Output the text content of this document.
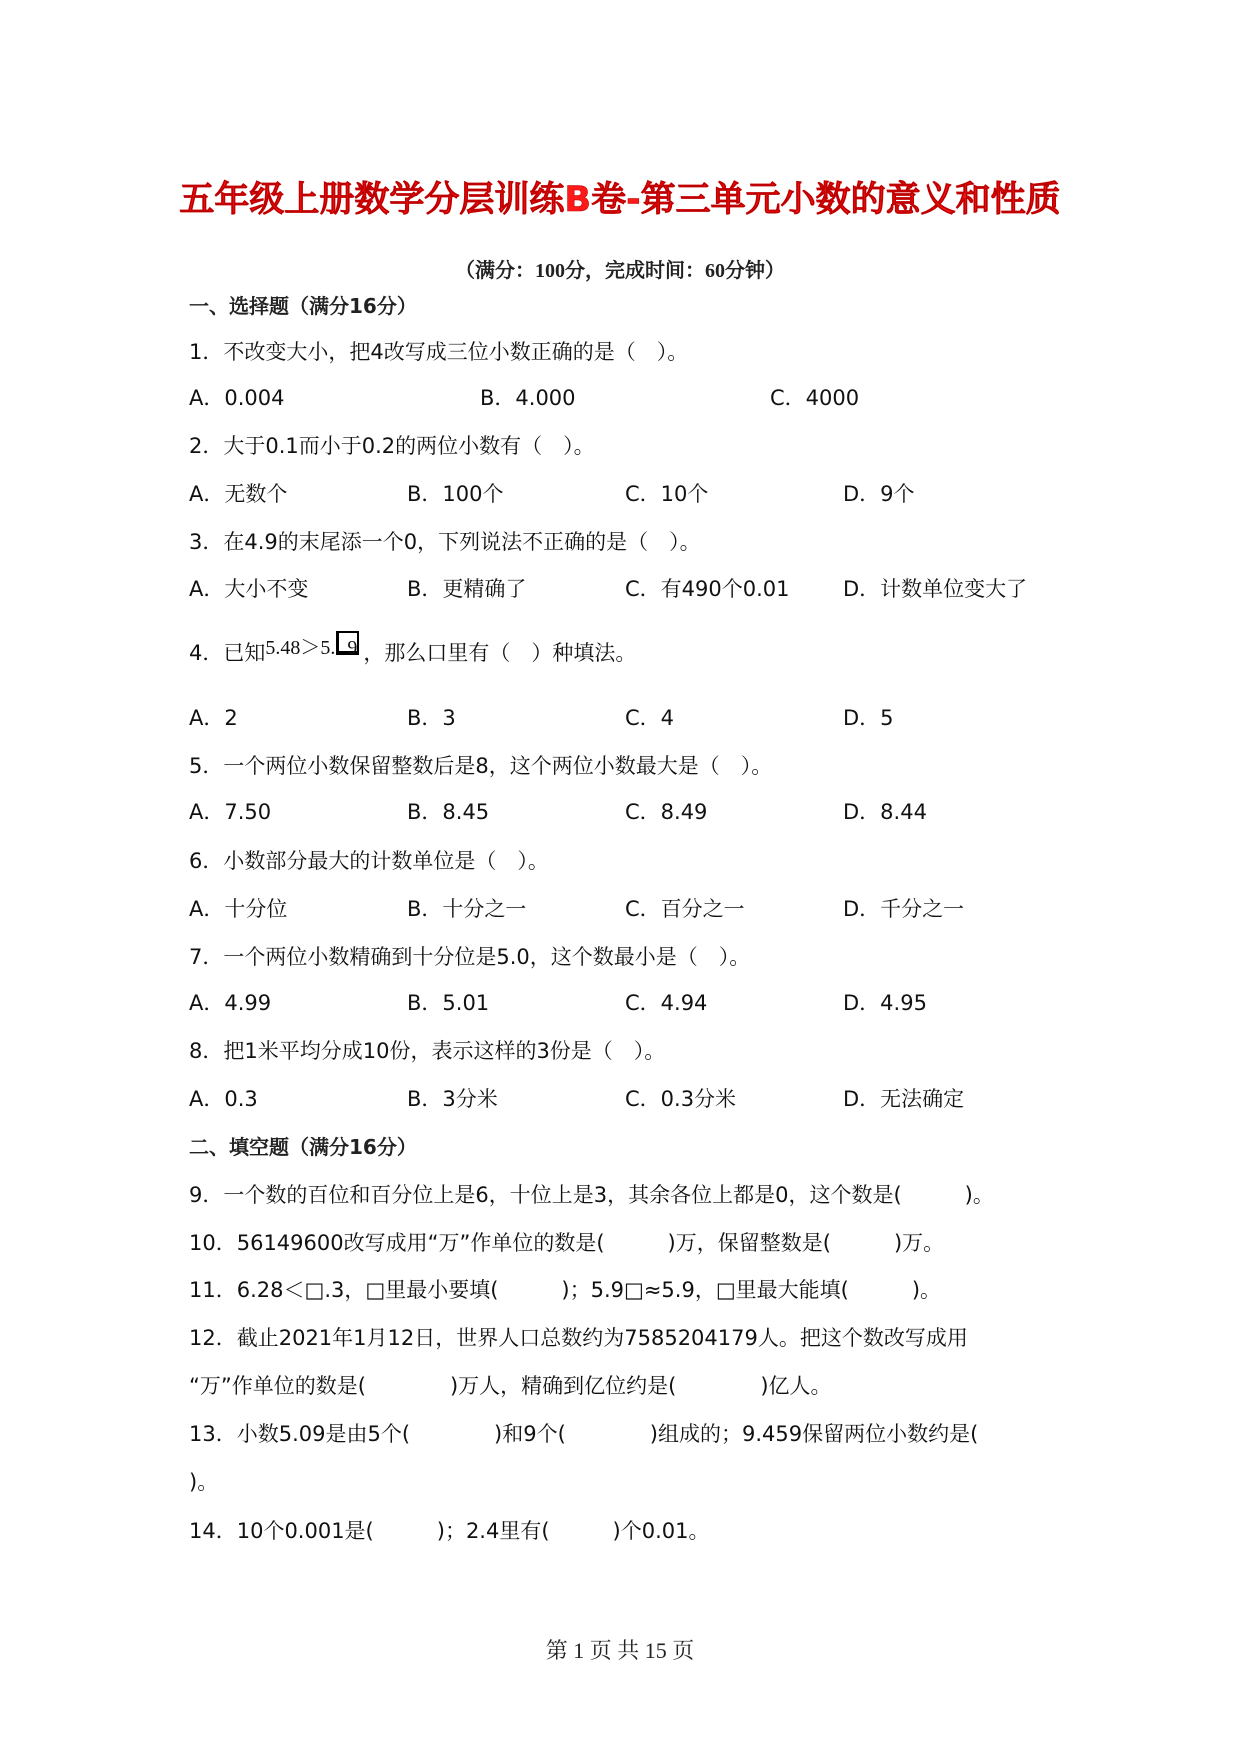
五年级上册数学分层训练B卷-第三单元小数的意义和性质
（满分：100分，完成时间：60分钟）
一、选择题（满分16分）
1．不改变大小，把4改写成三位小数正确的是（　）。
A．0.004	B．4.000	C．4000
2．大于0.1而小于0.2的两位小数有（　）。
A．无数个	B．100个	C．10个	D．9个
3．在4.9的末尾添一个0，下列说法不正确的是（　）。
A．大小不变	B．更精确了	C．有490个0.01	D．计数单位变大了
4．已知5.48＞5. 9 ，那么口里有（　）种填法。
A．2	B．3	C．4	D．5
5．一个两位小数保留整数后是8，这个两位小数最大是（　）。
A．7.50	B．8.45	C．8.49	D．8.44
6．小数部分最大的计数单位是（　）。
A．十分位	B．十分之一	C．百分之一	D．千分之一
7．一个两位小数精确到十分位是5.0，这个数最小是（　）。
A．4.99	B．5.01	C．4.94	D．4.95
8．把1米平均分成10份，表示这样的3份是（　）。
A．0.3	B．3分米	C．0.3分米	D．无法确定
二、填空题（满分16分）
9．一个数的百位和百分位上是6，十位上是3，其余各位上都是0，这个数是(　　　)。
10．56149600改写成用“万”作单位的数是(　　　)万，保留整数是(　　　)万。
11．6.28＜□.3，□里最小要填(　　　)；5.9□≈5.9，□里最大能填(　　　)。
12．截止2021年1月12日，世界人口总数约为7585204179人。把这个数改写成用
“万”作单位的数是(　　　　)万人，精确到亿位约是(　　　　)亿人。
13．小数5.09是由5个(　　　　)和9个(　　　　)组成的；9.459保留两位小数约是(
)。
14．10个0.001是(　　　)；2.4里有(　　　)个0.01。
第 1 页 共 15 页
